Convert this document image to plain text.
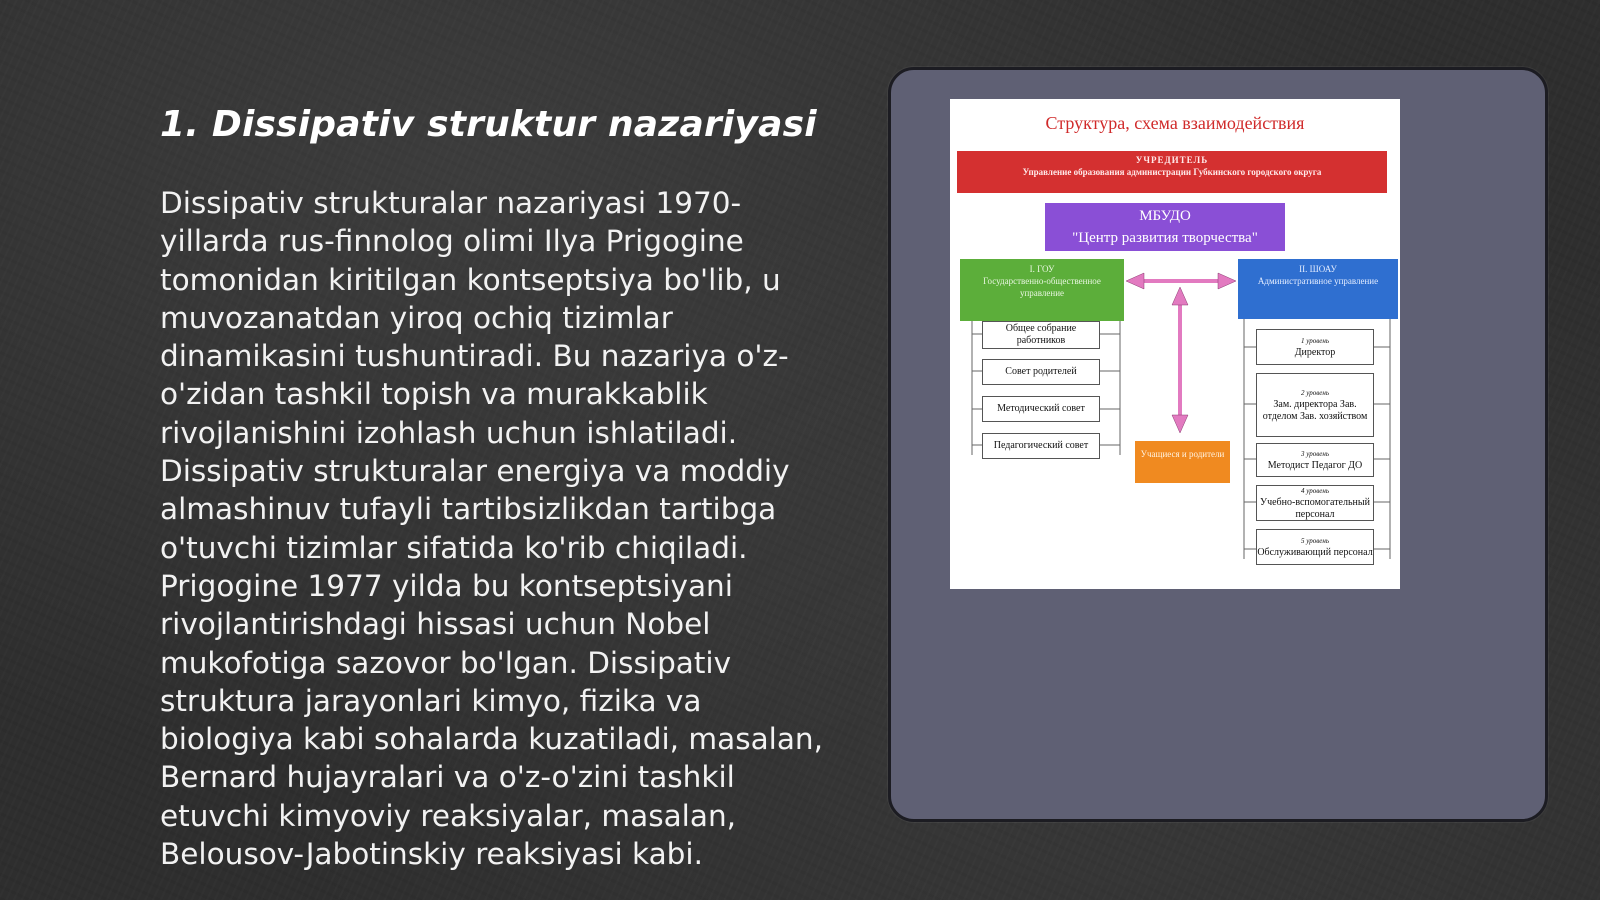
1. Dissipativ struktur nazariyasi

Dissipativ strukturalar nazariyasi 1970-yillarda rus-finnolog olimi Ilya Prigogine tomonidan kiritilgan kontseptsiya bo'lib, u muvozanatdan yiroq ochiq tizimlar dinamikasini tushuntiradi. Bu nazariya o'z-o'zidan tashkil topish va murakkablik rivojlanishini izohlash uchun ishlatiladi. Dissipativ strukturalar energiya va moddiy almashinuv tufayli tartibsizlikdan tartibga o'tuvchi tizimlar sifatida ko'rib chiqiladi. Prigogine 1977 yilda bu kontseptsiyani rivojlantirishdagi hissasi uchun Nobel mukofotiga sazovor bo'lgan. Dissipativ struktura jarayonlari kimyo, fizika va biologiya kabi sohalarda kuzatiladi, masalan, Bernard hujayralari va o'z-o'zini tashkil etuvchi kimyoviy reaksiyalar, masalan, Belousov-Jabotinskiy reaksiyasi kabi.

Структура, схема взаимодействия
УЧРЕДИТЕЛЬ
Управление образования администрации Губкинского городского округа
МБУДО
"Центр развития творчества"
I. ГОУ
Государственно-общественное управление
II. ШОАУ
Административное управление
Общее собрание работников
Совет родителей
Методический совет
Педагогический совет
Учащиеся и родители
1 уровень
Директор
2 уровень
Зам. директора Зав. отделом Зав. хозяйством
3 уровень
Методист Педагог ДО
4 уровень
Учебно-вспомогательный персонал
5 уровень
Обслуживающий персонал
